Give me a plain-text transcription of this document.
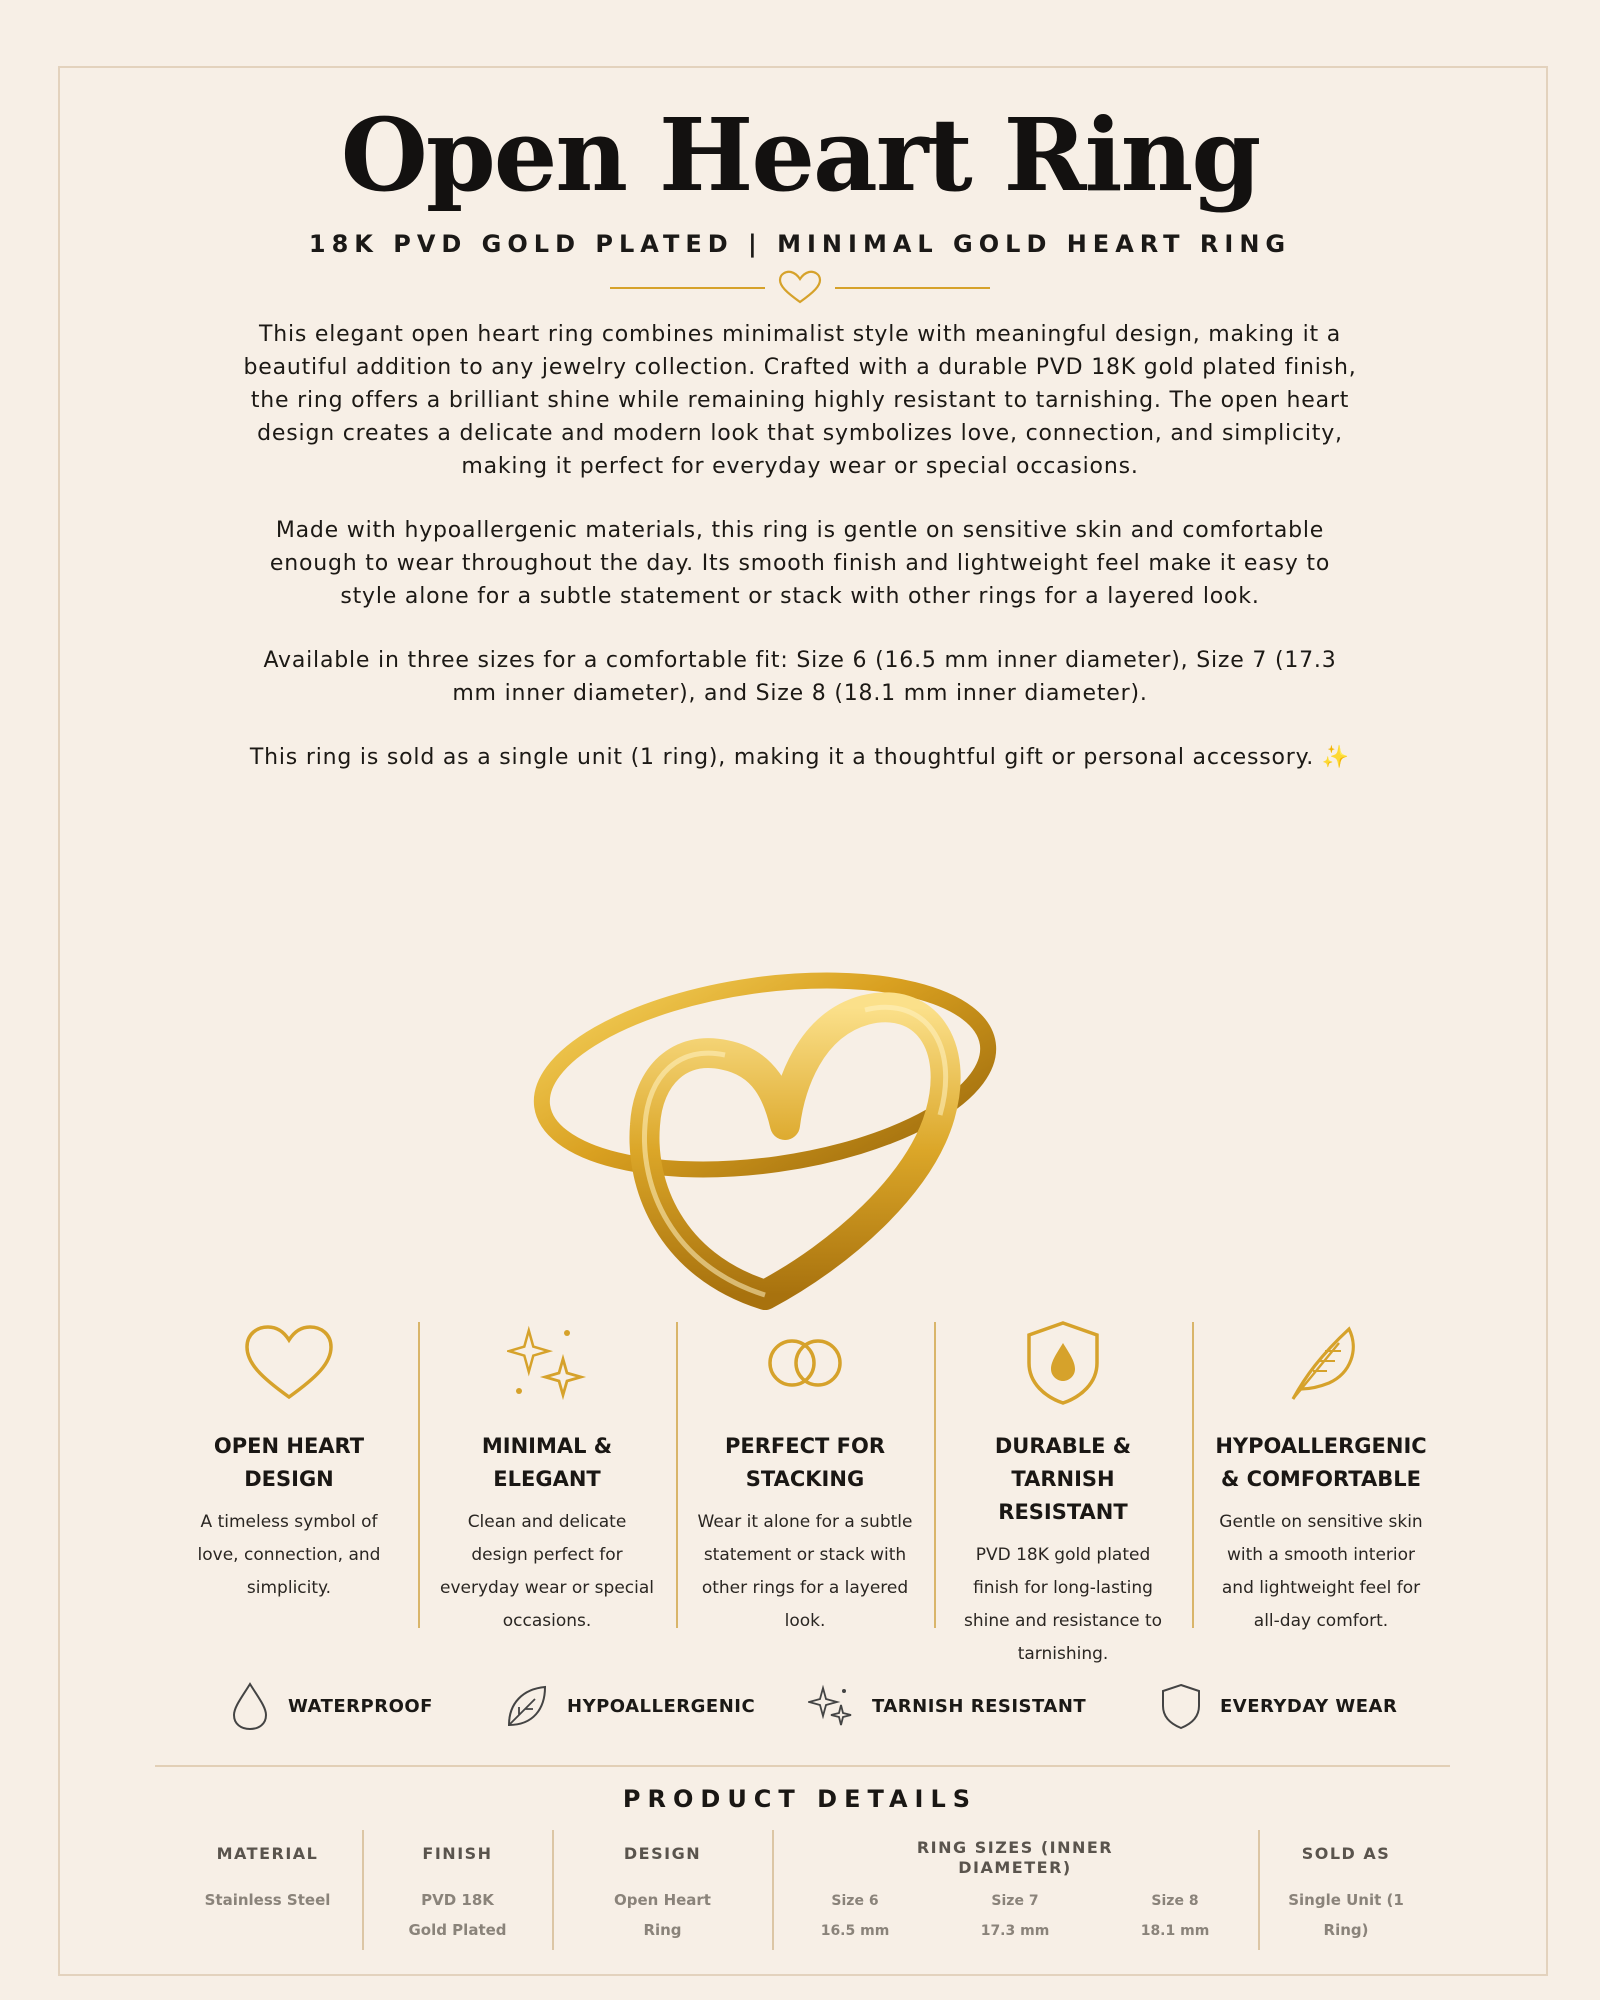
Open Heart Ring
18K PVD GOLD PLATED | MINIMAL GOLD HEART RING

This elegant open heart ring combines minimalist style with meaningful design, making it a beautiful addition to any jewelry collection. Crafted with a durable PVD 18K gold plated finish, the ring offers a brilliant shine while remaining highly resistant to tarnishing. The open heart design creates a delicate and modern look that symbolizes love, connection, and simplicity, making it perfect for everyday wear or special occasions.

Made with hypoallergenic materials, this ring is gentle on sensitive skin and comfortable enough to wear throughout the day. Its smooth finish and lightweight feel make it easy to style alone for a subtle statement or stack with other rings for a layered look.

Available in three sizes for a comfortable fit: Size 6 (16.5 mm inner diameter), Size 7 (17.3 mm inner diameter), and Size 8 (18.1 mm inner diameter).

This ring is sold as a single unit (1 ring), making it a thoughtful gift or personal accessory. ✨

OPEN HEART
DESIGN
A timeless symbol of love, connection, and simplicity.
MINIMAL &
ELEGANT
Clean and delicate design perfect for everyday wear or special occasions.
PERFECT FOR
STACKING
Wear it alone for a subtle statement or stack with other rings for a layered look.
DURABLE &
TARNISH RESISTANT
PVD 18K gold plated finish for long-lasting shine and resistance to tarnishing.
HYPOALLERGENIC
& COMFORTABLE
Gentle on sensitive skin with a smooth interior and lightweight feel for all-day comfort.
WATERPROOF	HYPOALLERGENIC	TARNISH RESISTANT	EVERYDAY WEAR
PRODUCT DETAILS
MATERIAL
Stainless Steel
FINISH
PVD 18K Gold Plated
DESIGN
Open Heart Ring
RING SIZES (INNER DIAMETER)
Size 6
16.5 mm
Size 7
17.3 mm
Size 8
18.1 mm
SOLD AS
Single Unit (1 Ring)
